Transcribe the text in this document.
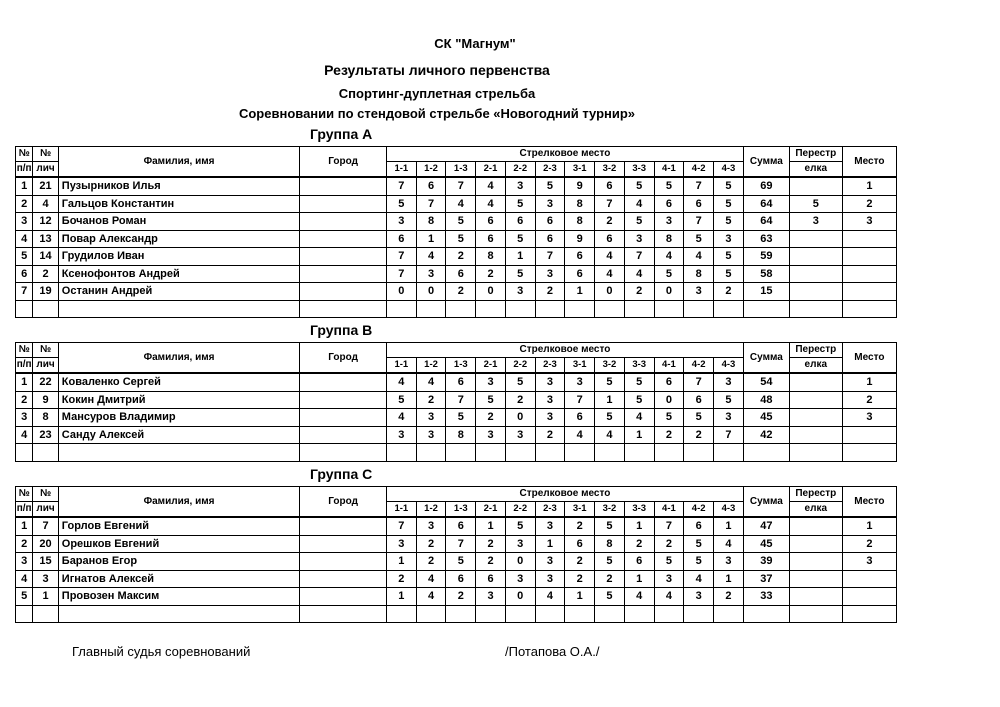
СК "Магнум"
Результаты личного первенства
Спортинг-дуплетная стрельба
Соревновании по стендовой стрельбе «Новогодний турнир»
Группа А
№	№	Фамилия, имя	Город	Стрелковое место												Сумма	Перестр	Место
п/п	лич			1-1	1-2	1-3	2-1	2-2	2-3	3-1	3-2	3-3	4-1	4-2	4-3		елка	
1	21	Пузырников Илья		7	6	7	4	3	5	9	6	5	5	7	5	69		1
2	4	Гальцов Константин		5	7	4	4	5	3	8	7	4	6	6	5	64	5	2
3	12	Бочанов Роман		3	8	5	6	6	6	8	2	5	3	7	5	64	3	3
4	13	Повар Александр		6	1	5	6	5	6	9	6	3	8	5	3	63		
5	14	Грудилов Иван		7	4	2	8	1	7	6	4	7	4	4	5	59		
6	2	Ксенофонтов Андрей		7	3	6	2	5	3	6	4	4	5	8	5	58		
7	19	Останин Андрей		0	0	2	0	3	2	1	0	2	0	3	2	15		

Группа B
№	№	Фамилия, имя	Город	Стрелковое место												Сумма	Перестр	Место
п/п	лич			1-1	1-2	1-3	2-1	2-2	2-3	3-1	3-2	3-3	4-1	4-2	4-3		елка	
1	22	Коваленко Сергей		4	4	6	3	5	3	3	5	5	6	7	3	54		1
2	9	Кокин Дмитрий		5	2	7	5	2	3	7	1	5	0	6	5	48		2
3	8	Мансуров Владимир		4	3	5	2	0	3	6	5	4	5	5	3	45		3
4	23	Санду Алексей		3	3	8	3	3	2	4	4	1	2	2	7	42		

Группа C
№	№	Фамилия, имя	Город	Стрелковое место												Сумма	Перестр	Место
п/п	лич			1-1	1-2	1-3	2-1	2-2	2-3	3-1	3-2	3-3	4-1	4-2	4-3		елка	
1	7	Горлов Евгений		7	3	6	1	5	3	2	5	1	7	6	1	47		1
2	20	Орешков Евгений		3	2	7	2	3	1	6	8	2	2	5	4	45		2
3	15	Баранов Егор		1	2	5	2	0	3	2	5	6	5	5	3	39		3
4	3	Игнатов Алексей		2	4	6	6	3	3	2	2	1	3	4	1	37		
5	1	Провозен Максим		1	4	2	3	0	4	1	5	4	4	3	2	33		

Главный судья соревнований	/Потапова О.А./
